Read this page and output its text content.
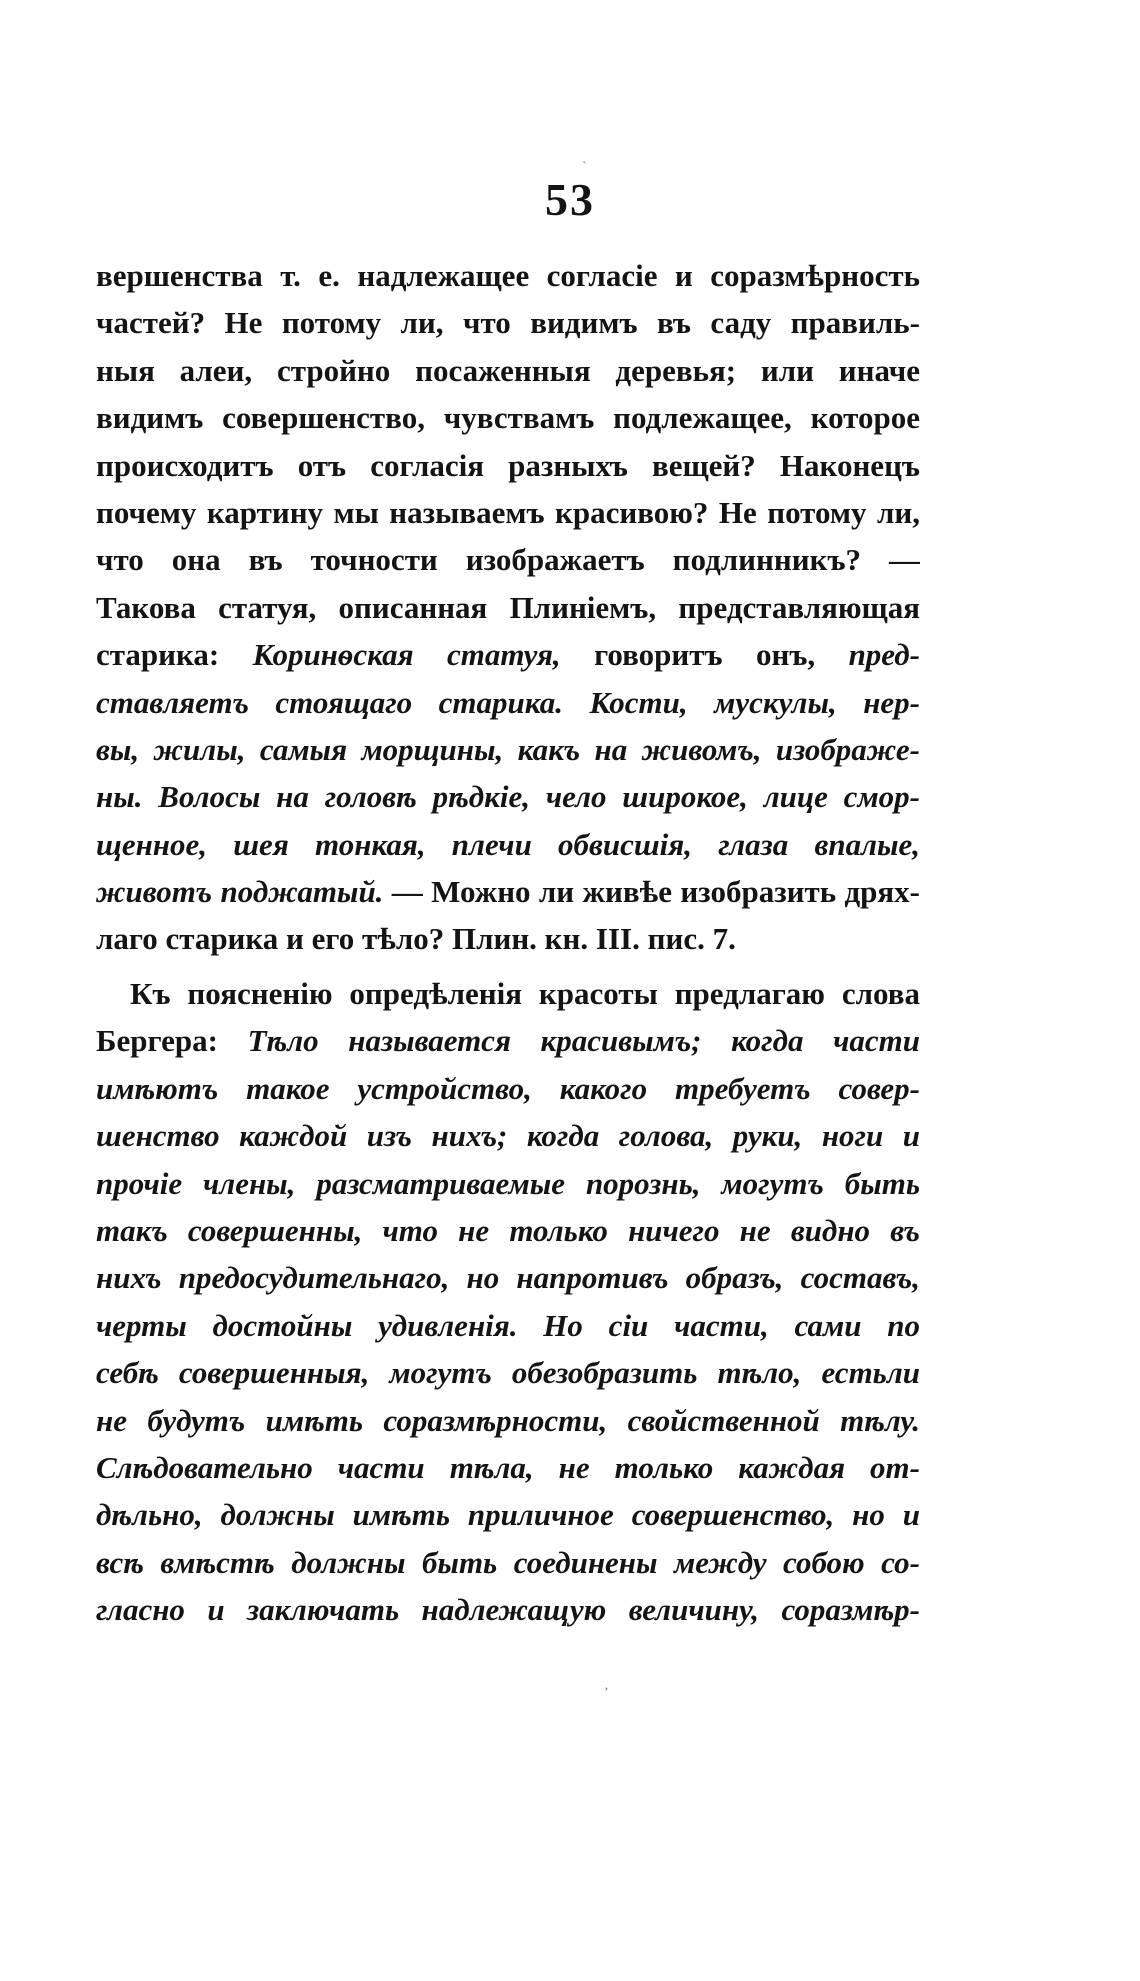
53
`
‚
вершенства т. е. надлежащее согласіе и соразмѣрность
частей? Не потому ли, что видимъ въ саду правиль-
ныя алеи, стройно посаженныя деревья; или иначе
видимъ совершенство, чувствамъ подлежащее, которое
происходитъ отъ согласія разныхъ вещей? Наконецъ
почему картину мы называемъ красивою? Не потому ли,
что она въ точности изображаетъ подлинникъ? —
Такова статуя, описанная Плиніемъ, представляющая
старика: Коринѳская статуя, говоритъ онъ, пред-
ставляетъ стоящаго старика. Кости, мускулы, нер-
вы, жилы, самыя морщины, какъ на живомъ, изображе-
ны. Волосы на головѣ рѣдкіе, чело широкое, лице смор-
щенное, шея тонкая, плечи обвисшія, глаза впалые,
животъ поджатый. — Можно ли живѣе изобразить дрях-
лаго старика и его тѣло? Плин. кн. III. пис. 7.
Къ поясненію опредѣленія красоты предлагаю слова
Бергера: Тѣло называется красивымъ; когда части
имѣютъ такое устройство, какого требуетъ совер-
шенство каждой изъ нихъ; когда голова, руки, ноги и
прочіе члены, разсматриваемые порознь, могутъ быть
такъ совершенны, что не только ничего не видно въ
нихъ предосудительнаго, но напротивъ образъ, составъ,
черты достойны удивленія. Но сіи части, сами по
себѣ совершенныя, могутъ обезобразить тѣло, естьли
не будутъ имѣть соразмѣрности, свойственной тѣлу.
Слѣдовательно части тѣла, не только каждая от-
дѣльно, должны имѣть приличное совершенство, но и
всѣ вмѣстѣ должны быть соединены между собою со-
гласно и заключать надлежащую величину, соразмѣр-
